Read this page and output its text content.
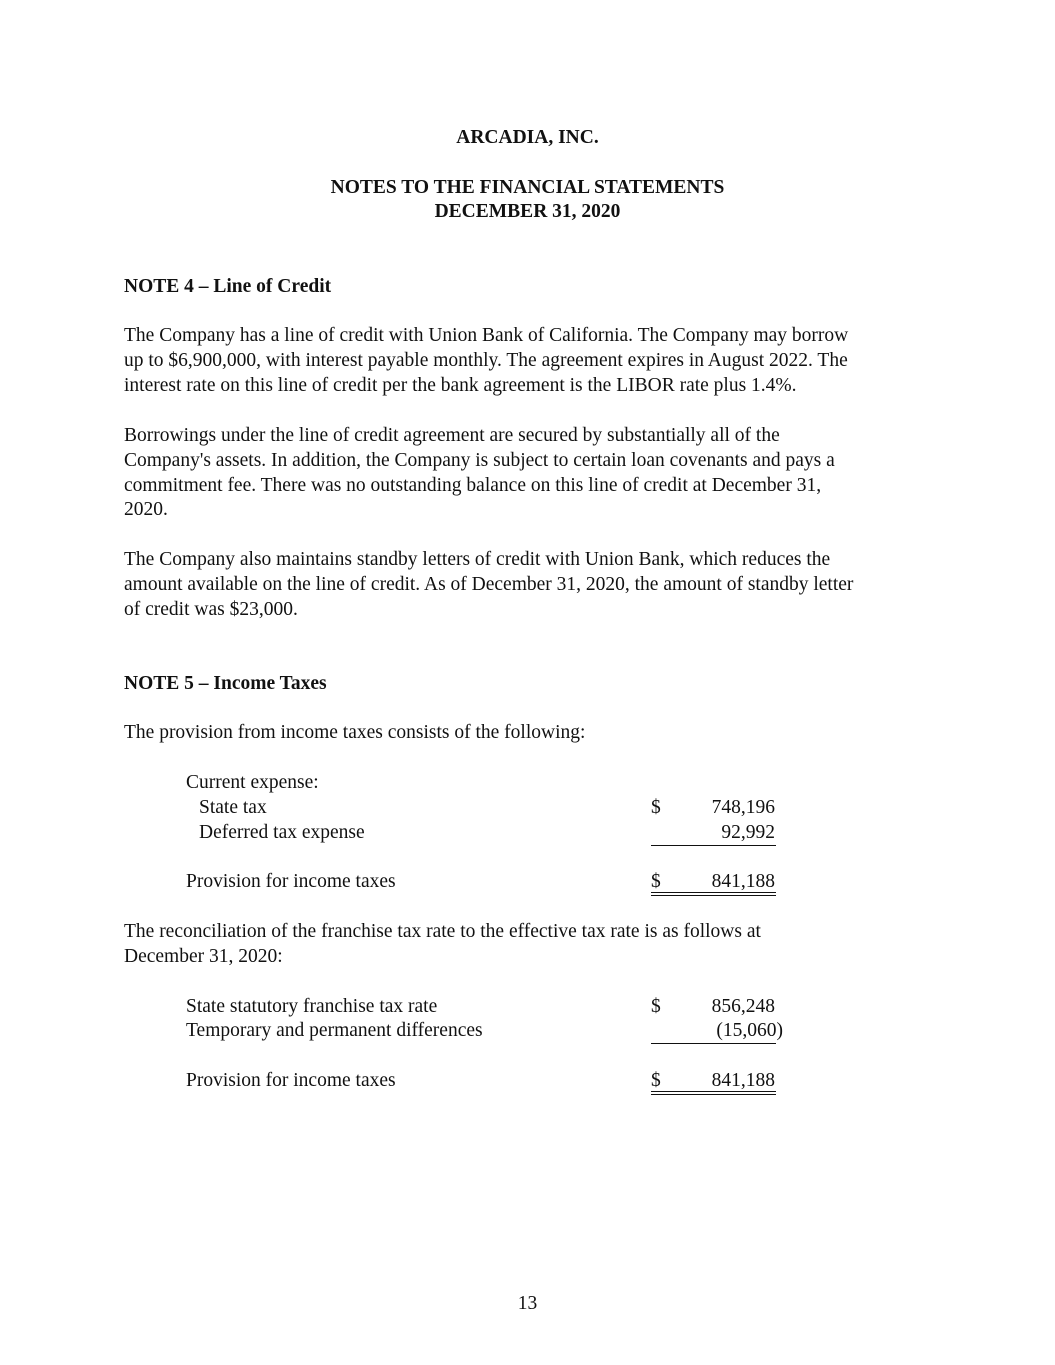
ARCADIA, INC.
NOTES TO THE FINANCIAL STATEMENTS
DECEMBER 31, 2020
NOTE 4 – Line of Credit
The Company has a line of credit with Union Bank of California. The Company may borrow
up to $6,900,000, with interest payable monthly. The agreement expires in August 2022. The
interest rate on this line of credit per the bank agreement is the LIBOR rate plus 1.4%.
Borrowings under the line of credit agreement are secured by substantially all of the
Company's assets. In addition, the Company is subject to certain loan covenants and pays a
commitment fee. There was no outstanding balance on this line of credit at December 31,
2020.
The Company also maintains standby letters of credit with Union Bank, which reduces the
amount available on the line of credit. As of December 31, 2020, the amount of standby letter
of credit was $23,000.
NOTE 5 – Income Taxes
The provision from income taxes consists of the following:
Current expense:
State tax	$	748,196
Deferred tax expense	92,992
Provision for income taxes	$	841,188
The reconciliation of the franchise tax rate to the effective tax rate is as follows at
December 31, 2020:
State statutory franchise tax rate	$	856,248
Temporary and permanent differences	(15,060)
Provision for income taxes	$	841,188
13
